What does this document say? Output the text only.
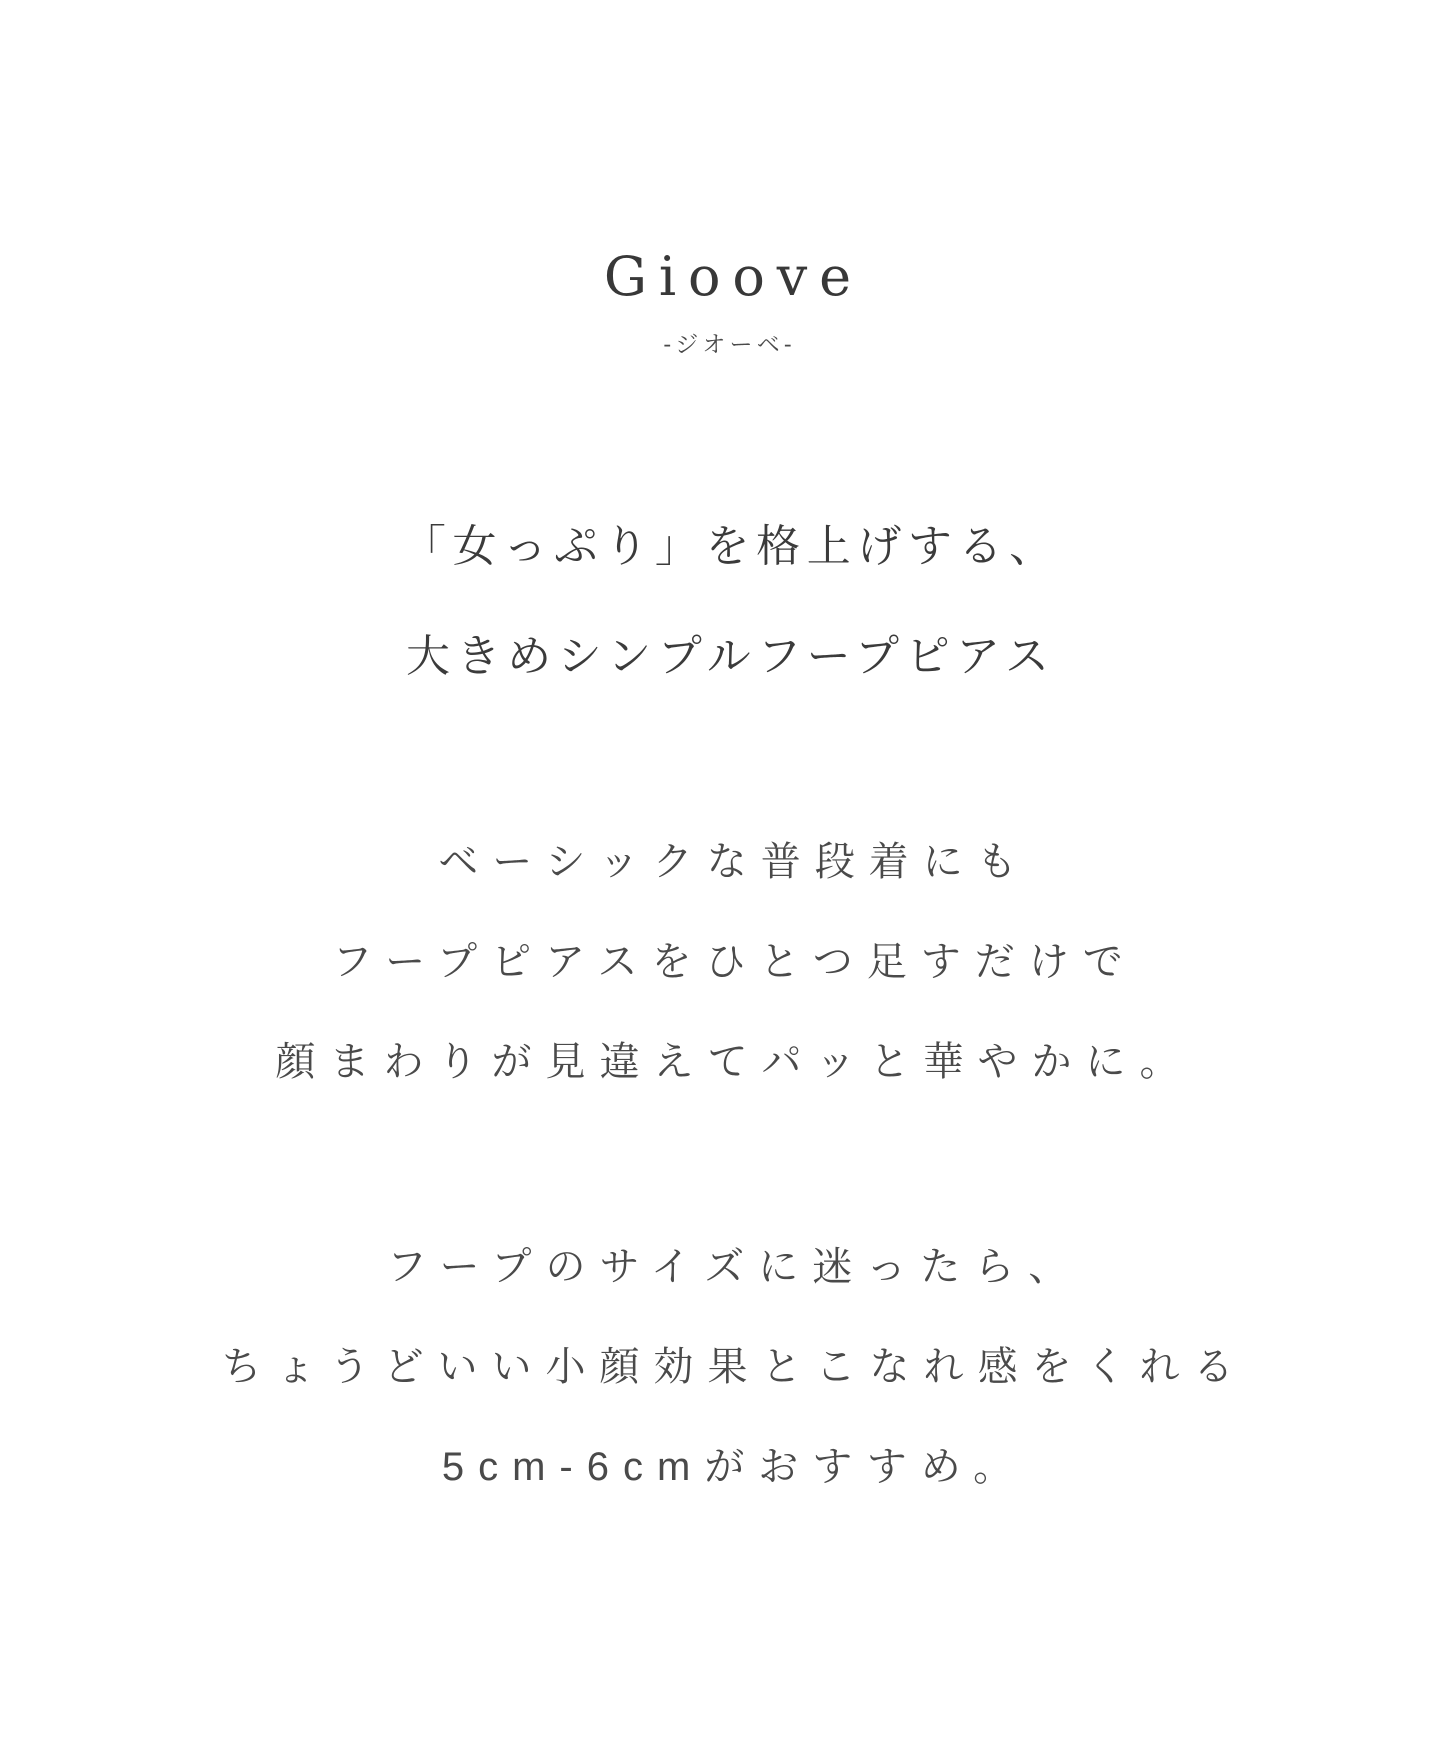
Gioove
-ジオーベ-
「女っぷり」を格上げする、
大きめシンプルフープピアス

ベーシックな普段着にも
フープピアスをひとつ足すだけで
顔まわりが見違えてパッと華やかに。

フープのサイズに迷ったら、
ちょうどいい小顔効果とこなれ感をくれる
5cm-6cmがおすすめ。
